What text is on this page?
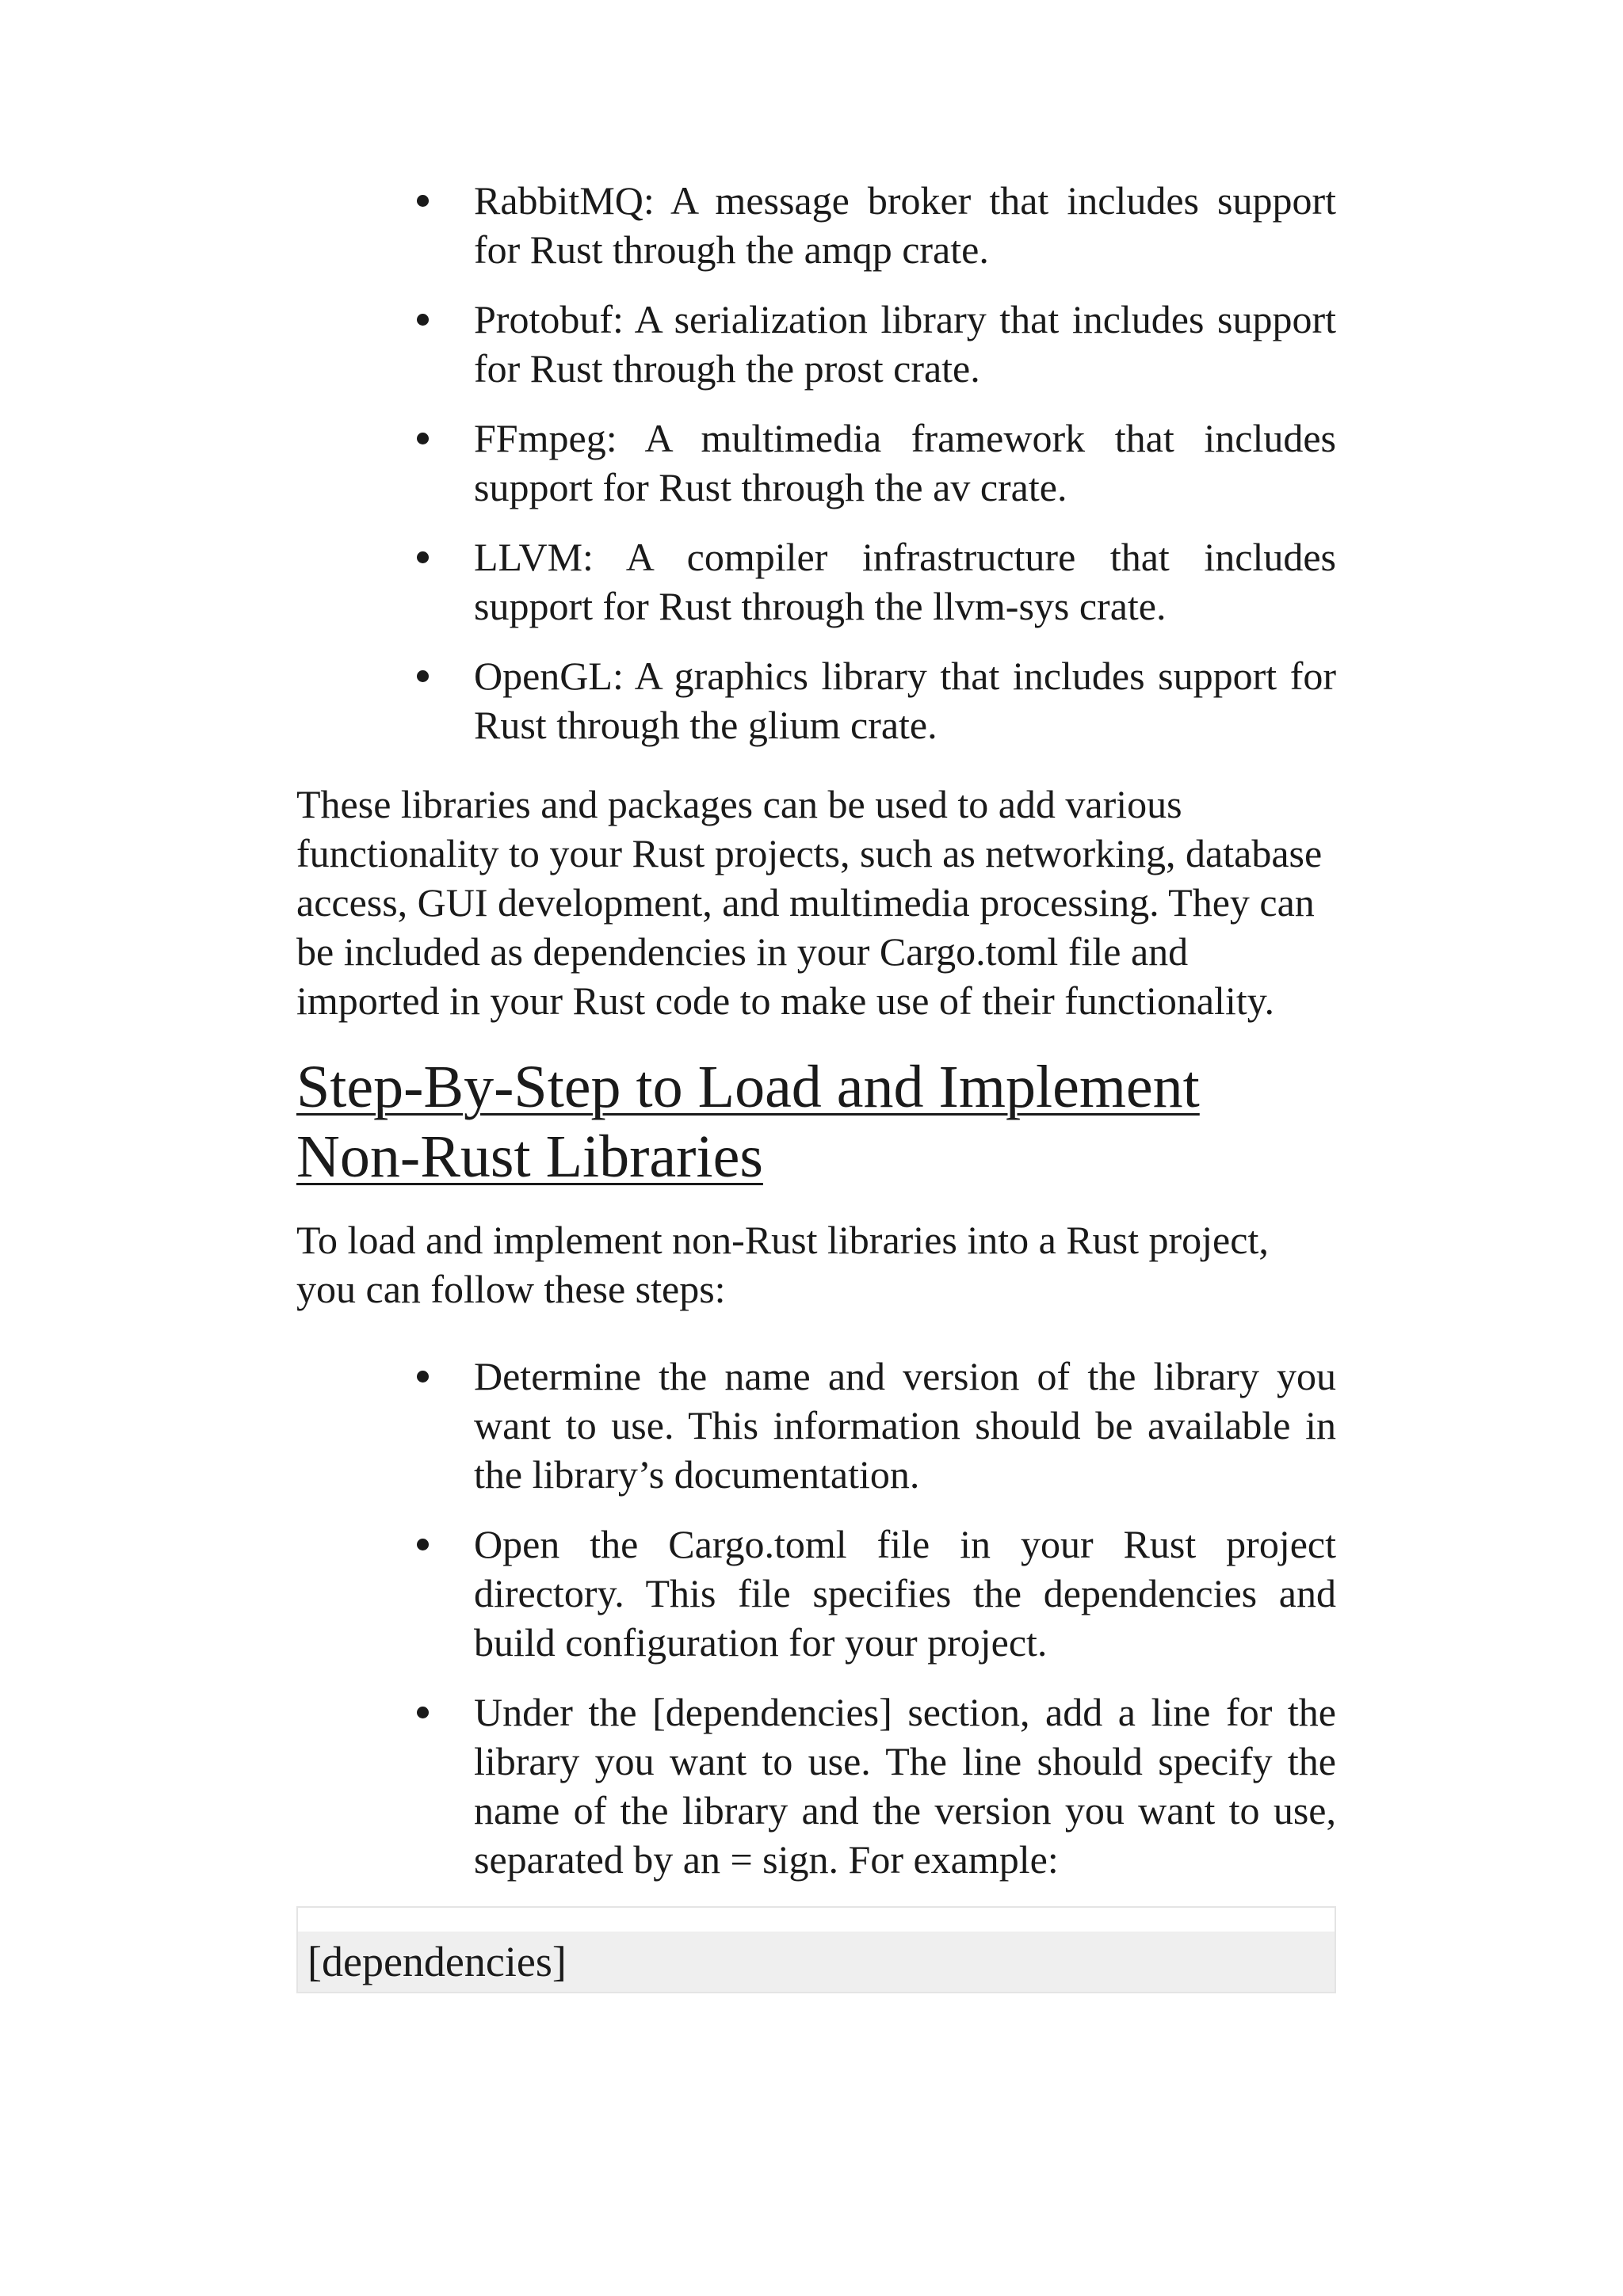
RabbitMQ: A message broker that includes support for Rust through the amqp crate.
Protobuf: A serialization library that includes support for Rust through the prost crate.
FFmpeg: A multimedia framework that includes support for Rust through the av crate.
LLVM: A compiler infrastructure that includes support for Rust through the llvm-sys crate.
OpenGL: A graphics library that includes support for Rust through the glium crate.

These libraries and packages can be used to add various functionality to your Rust projects, such as networking, database access, GUI development, and multimedia processing. They can be included as dependencies in your Cargo.toml file and imported in your Rust code to make use of their functionality.

Step-By-Step to Load and Implement Non-Rust Libraries

To load and implement non-Rust libraries into a Rust project, you can follow these steps:

Determine the name and version of the library you want to use. This information should be available in the library’s documentation.
Open the Cargo.toml file in your Rust project directory. This file specifies the dependencies and build configuration for your project.
Under the [dependencies] section, add a line for the library you want to use. The line should specify the name of the library and the version you want to use, separated by an = sign. For example:
[dependencies]
